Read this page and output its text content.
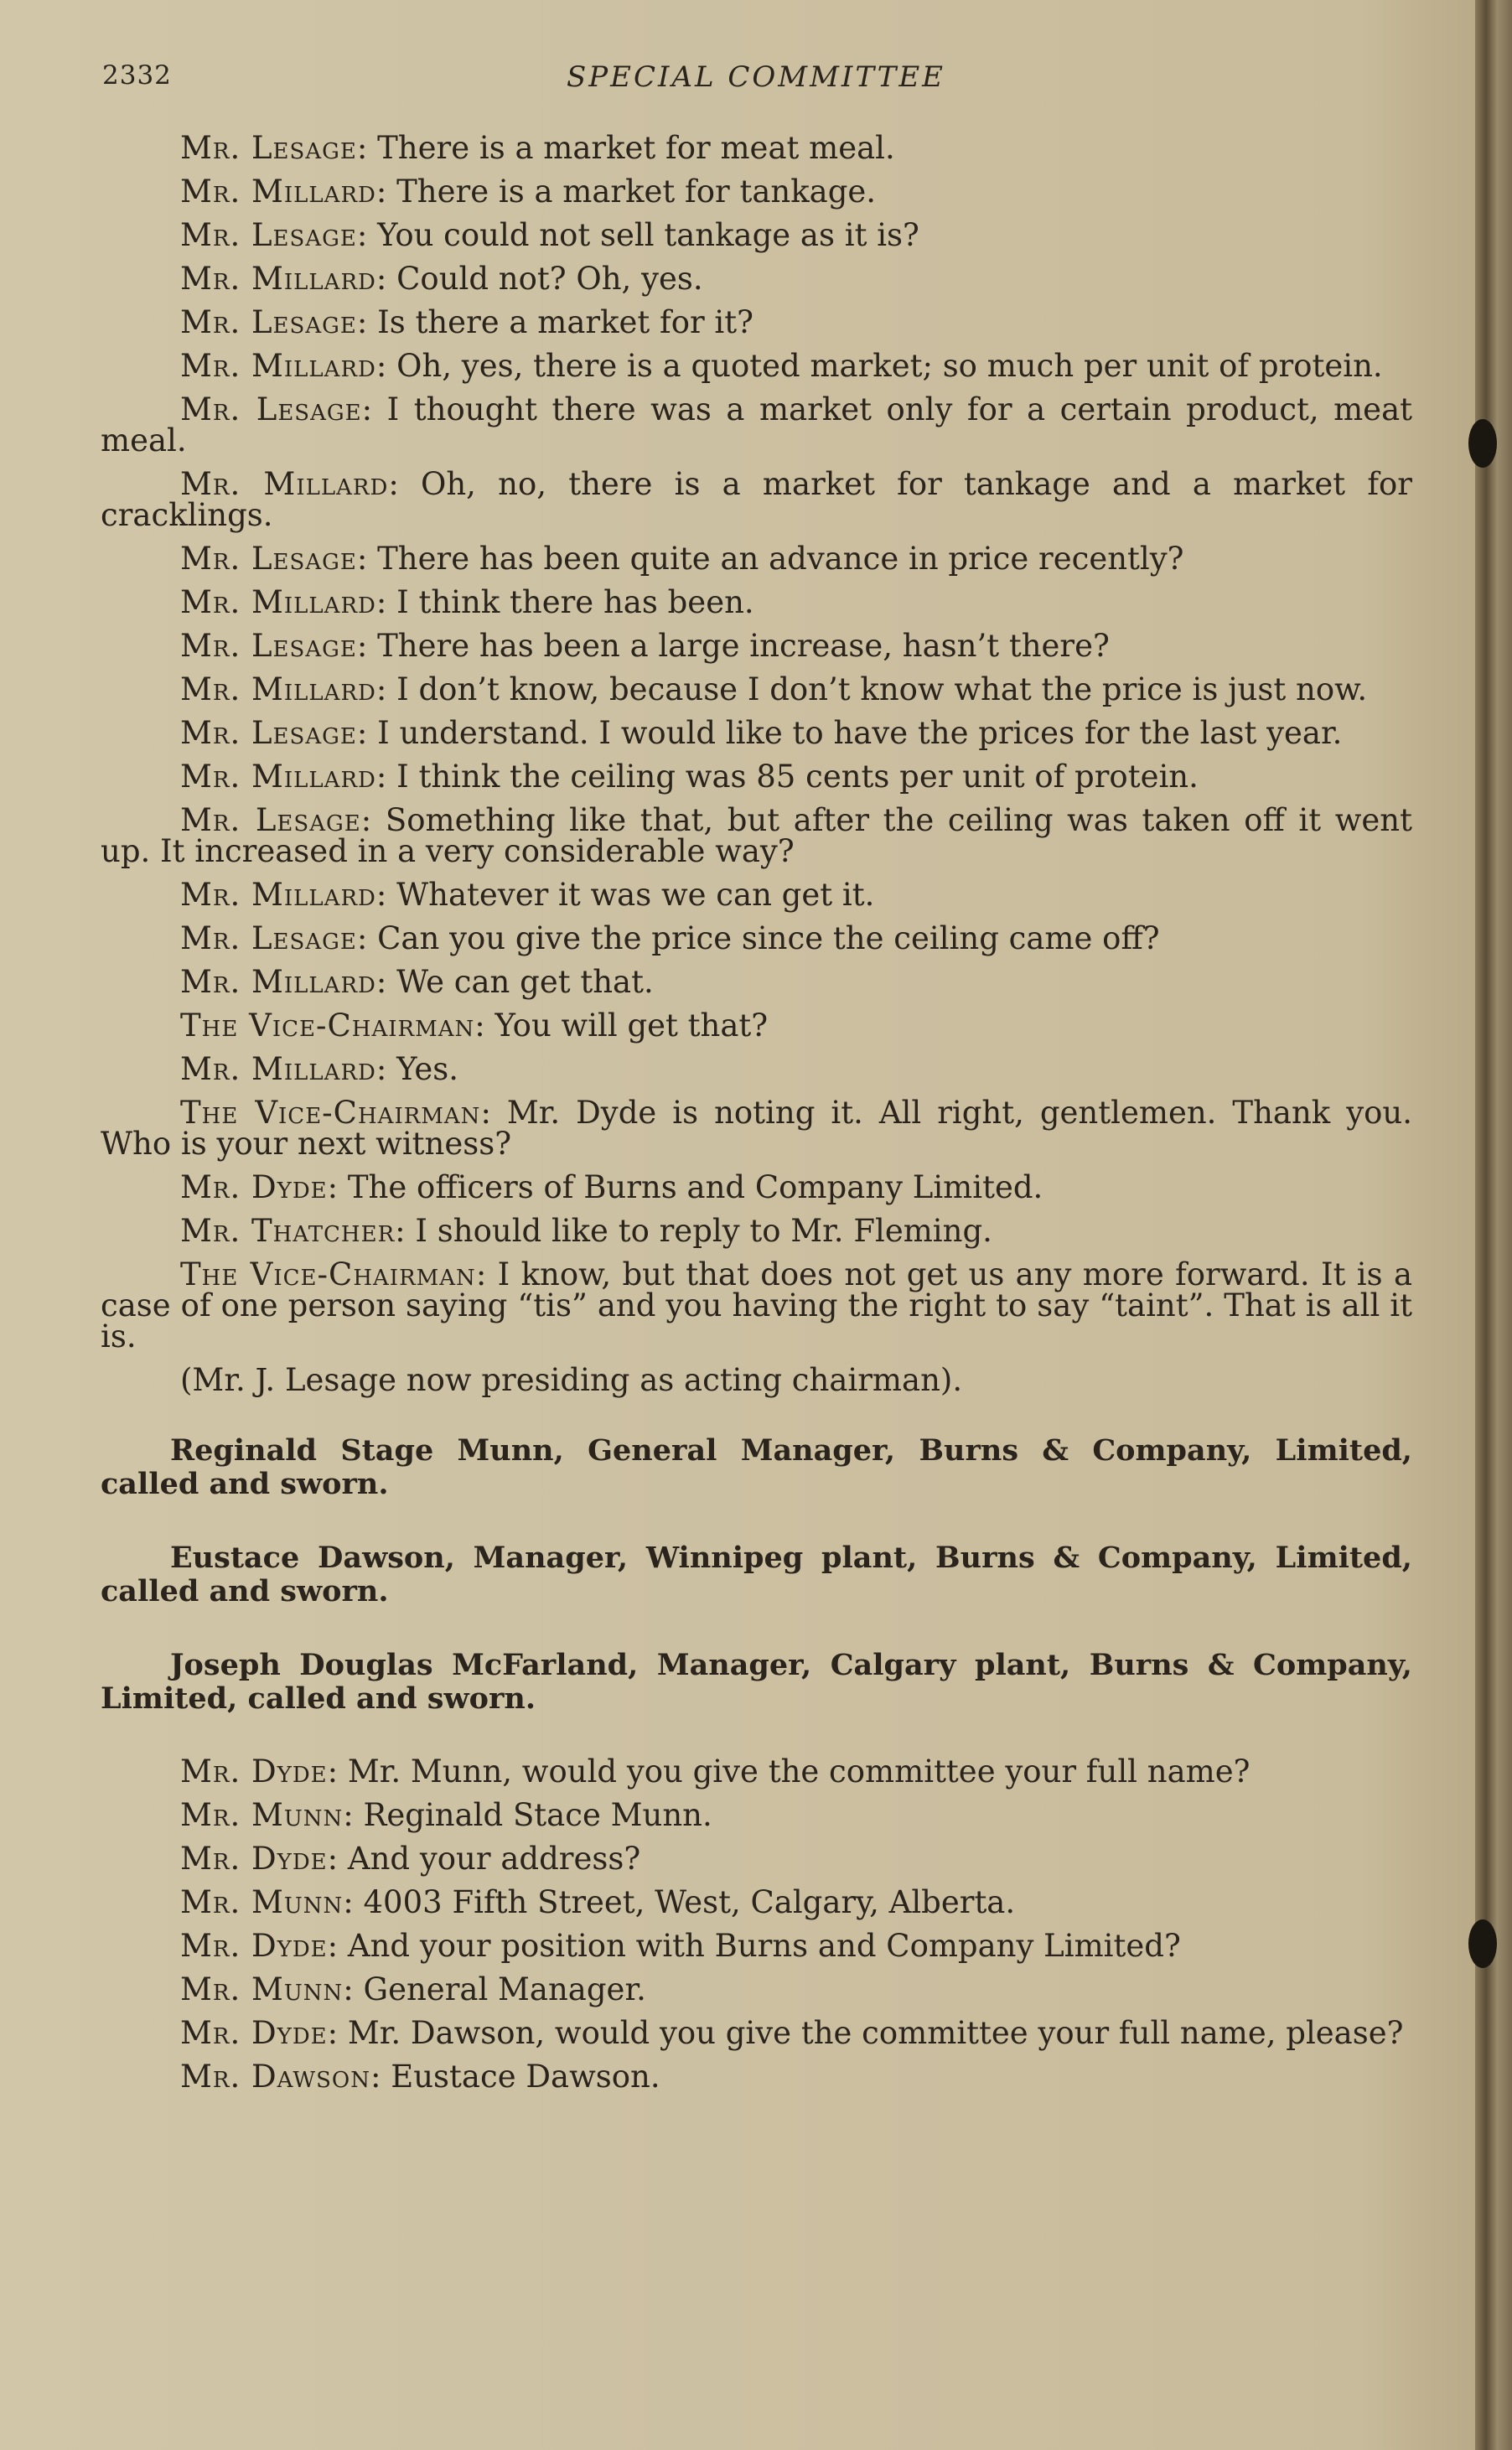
2332	SPECIAL COMMITTEE

Mr. Lesage: There is a market for meat meal.

Mr. Millard: There is a market for tankage.

Mr. Lesage: You could not sell tankage as it is?

Mr. Millard: Could not? Oh, yes.

Mr. Lesage: Is there a market for it?

Mr. Millard: Oh, yes, there is a quoted market; so much per unit of protein.

Mr. Lesage: I thought there was a market only for a certain product, meat meal.

Mr. Millard: Oh, no, there is a market for tankage and a market for cracklings.

Mr. Lesage: There has been quite an advance in price recently?

Mr. Millard: I think there has been.

Mr. Lesage: There has been a large increase, hasn’t there?

Mr. Millard: I don’t know, because I don’t know what the price is just now.

Mr. Lesage: I understand. I would like to have the prices for the last year.

Mr. Millard: I think the ceiling was 85 cents per unit of protein.

Mr. Lesage: Something like that, but after the ceiling was taken off it went up. It increased in a very considerable way?

Mr. Millard: Whatever it was we can get it.

Mr. Lesage: Can you give the price since the ceiling came off?

Mr. Millard: We can get that.

The Vice-Chairman: You will get that?

Mr. Millard: Yes.

The Vice-Chairman: Mr. Dyde is noting it. All right, gentlemen. Thank you. Who is your next witness?

Mr. Dyde: The officers of Burns and Company Limited.

Mr. Thatcher: I should like to reply to Mr. Fleming.

The Vice-Chairman: I know, but that does not get us any more forward. It is a case of one person saying “tis” and you having the right to say “taint”. That is all it is.

(Mr. J. Lesage now presiding as acting chairman).

Reginald Stage Munn, General Manager, Burns & Company, Limited, called and sworn.

Eustace Dawson, Manager, Winnipeg plant, Burns & Company, Limited, called and sworn.

Joseph Douglas McFarland, Manager, Calgary plant, Burns & Company, Limited, called and sworn.

Mr. Dyde: Mr. Munn, would you give the committee your full name?

Mr. Munn: Reginald Stace Munn.

Mr. Dyde: And your address?

Mr. Munn: 4003 Fifth Street, West, Calgary, Alberta.

Mr. Dyde: And your position with Burns and Company Limited?

Mr. Munn: General Manager.

Mr. Dyde: Mr. Dawson, would you give the committee your full name, please?

Mr. Dawson: Eustace Dawson.
